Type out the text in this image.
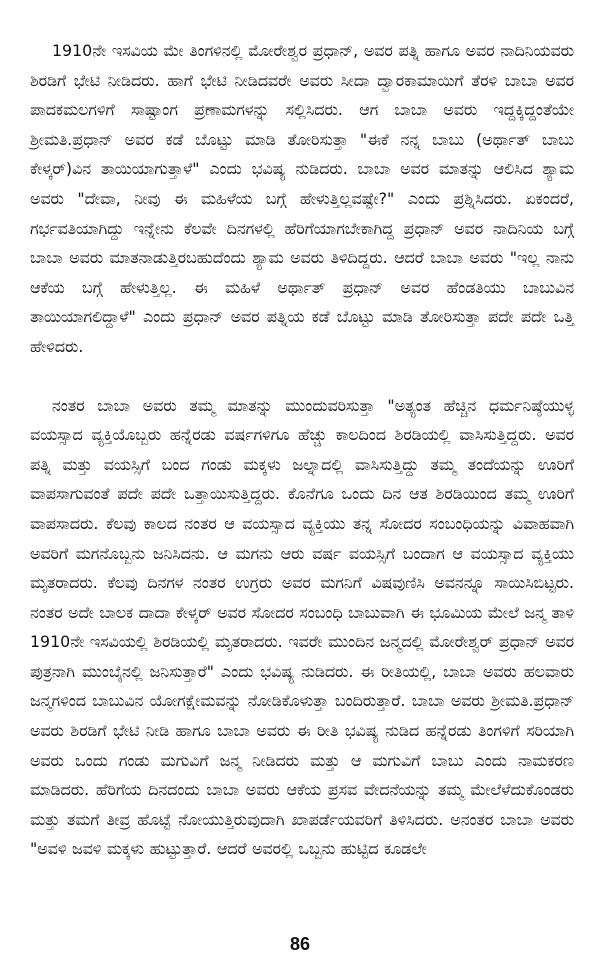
1910ನೇ ಇಸವಿಯ ಮೇ ತಿಂಗಳಿನಲ್ಲಿ ಮೋರೇಶ್ವರ ಪ್ರಧಾನ್, ಅವರ ಪತ್ನಿ ಹಾಗೂ ಅವರ ನಾದಿನಿಯವರು ಶಿರಡಿಗೆ ಭೇಟಿ ನೀಡಿದರು. ಹಾಗೆ ಭೇಟಿ ನೀಡಿದವರೇ ಅವರು ಸೀದಾ ದ್ವಾರಕಾಮಾಯಿಗೆ ತೆರಳಿ ಬಾಬಾ ಅವರ ಪಾದಕಮಲಗಳಿಗೆ ಸಾಷ್ಟಾಂಗ ಪ್ರಣಾಮಗಳನ್ನು ಸಲ್ಲಿಸಿದರು. ಆಗ ಬಾಬಾ ಅವರು ಇದ್ದಕ್ಕಿದ್ದಂತೆಯೇ ಶ್ರೀಮತಿ.ಪ್ರಧಾನ್ ಅವರ ಕಡೆ ಬೊಟ್ಟು ಮಾಡಿ ತೋರಿಸುತ್ತಾ "ಈಕೆ ನನ್ನ ಬಾಬು (ಅರ್ಥಾತ್ ಬಾಬು ಕೇಳ್ಕರ್)ವಿನ ತಾಯಿಯಾಗುತ್ತಾಳೆ" ಎಂದು ಭವಿಷ್ಯ ನುಡಿದರು. ಬಾಬಾ ಅವರ ಮಾತನ್ನು ಆಲಿಸಿದ ಶ್ಯಾಮ ಅವರು "ದೇವಾ, ನೀವು ಈ ಮಹಿಳೆಯ ಬಗ್ಗೆ ಹೇಳುತ್ತಿಲ್ಲವಷ್ಟೇ?" ಎಂದು ಪ್ರಶ್ನಿಸಿದರು. ಏಕಂದರೆ, ಗರ್ಭವತಿಯಾಗಿದ್ದು ಇನ್ನೇನು ಕೆಲವೇ ದಿನಗಳಲ್ಲಿ ಹೆರಿಗೆಯಾಗಬೇಕಾಗಿದ್ದ ಪ್ರಧಾನ್ ಅವರ ನಾದಿನಿಯ ಬಗ್ಗೆ ಬಾಬಾ ಅವರು ಮಾತನಾಡುತ್ತಿರಬಹುದೆಂದು ಶ್ಯಾಮ ಅವರು ತಿಳಿದಿದ್ದರು. ಆದರೆ ಬಾಬಾ ಅವರು "ಇಲ್ಲ ನಾನು ಆಕೆಯ ಬಗ್ಗೆ ಹೇಳುತ್ತಿಲ್ಲ. ಈ ಮಹಿಳೆ ಅರ್ಥಾತ್ ಪ್ರಧಾನ್ ಅವರ ಹೆಂಡತಿಯು ಬಾಬುವಿನ ತಾಯಿಯಾಗಲಿದ್ದಾಳೆ" ಎಂದು ಪ್ರಧಾನ್ ಅವರ ಪತ್ನಿಯ ಕಡೆ ಬೊಟ್ಟು ಮಾಡಿ ತೋರಿಸುತ್ತಾ ಪದೇ ಪದೇ ಒತ್ತಿ ಹೇಳಿದರು.

ನಂತರ ಬಾಬಾ ಅವರು ತಮ್ಮ ಮಾತನ್ನು ಮುಂದುವರಿಸುತ್ತಾ "ಅತ್ಯಂತ ಹೆಚ್ಚಿನ ಧರ್ಮನಿಷ್ಠೆಯುಳ್ಳ ವಯಸ್ಸಾದ ವ್ಯಕ್ತಿಯೊಬ್ಬರು ಹನ್ನೆರಡು ವರ್ಷಗಳಿಗೂ ಹೆಚ್ಚು ಕಾಲದಿಂದ ಶಿರಡಿಯಲ್ಲಿ ವಾಸಿಸುತ್ತಿದ್ದರು. ಅವರ ಪತ್ನಿ ಮತ್ತು ವಯಸ್ಸಿಗೆ ಬಂದ ಗಂಡು ಮಕ್ಕಳು ಜಲ್ನಾದಲ್ಲಿ ವಾಸಿಸುತ್ತಿದ್ದು ತಮ್ಮ ತಂದೆಯನ್ನು ಊರಿಗೆ ವಾಪಸಾಗುವಂತೆ ಪದೇ ಪದೇ ಒತ್ತಾಯಿಸುತ್ತಿದ್ದರು. ಕೊನೆಗೂ ಒಂದು ದಿನ ಆತ ಶಿರಡಿಯಿಂದ ತಮ್ಮ ಊರಿಗೆ ವಾಪಸಾದರು. ಕೆಲವು ಕಾಲದ ನಂತರ ಆ ವಯಸ್ಸಾದ ವ್ಯಕ್ತಿಯು ತನ್ನ ಸೋದರ ಸಂಬಂಧಿಯನ್ನು ವಿವಾಹವಾಗಿ ಅವರಿಗೆ ಮಗನೊಬ್ಬನು ಜನಿಸಿದನು. ಆ ಮಗನು ಆರು ವರ್ಷ ವಯಸ್ಸಿಗೆ ಬಂದಾಗ ಆ ವಯಸ್ಸಾದ ವ್ಯಕ್ತಿಯು ಮೃತರಾದರು. ಕೆಲವು ದಿನಗಳ ನಂತರ ಉಗ್ರರು ಅವರ ಮಗನಿಗೆ ವಿಷವುಣಿಸಿ ಅವನನ್ನೂ ಸಾಯಿಸಿಬಿಟ್ಟರು. ನಂತರ ಅದೇ ಬಾಲಕ ದಾದಾ ಕೇಳ್ಕರ್ ಅವರ ಸೋದರ ಸಂಬಂಧಿ ಬಾಬುವಾಗಿ ಈ ಭೂಮಿಯ ಮೇಲೆ ಜನ್ಮ ತಾಳಿ 1910ನೇ ಇಸವಿಯಲ್ಲಿ ಶಿರಡಿಯಲ್ಲಿ ಮೃತರಾದರು. ಇವರೇ ಮುಂದಿನ ಜನ್ಮದಲ್ಲಿ ಮೋರೇಶ್ವರ್ ಪ್ರಧಾನ್ ಅವರ ಪುತ್ರನಾಗಿ ಮುಂಬೈನಲ್ಲಿ ಜನಿಸುತ್ತಾರೆ" ಎಂದು ಭವಿಷ್ಯ ನುಡಿದರು. ಈ ರೀತಿಯಲ್ಲಿ, ಬಾಬಾ ಅವರು ಹಲವಾರು ಜನ್ಮಗಳಿಂದ ಬಾಬುವಿನ ಯೋಗಕ್ಷೇಮವನ್ನು ನೋಡಿಕೊಳುತ್ತಾ ಬಂದಿರುತ್ತಾರೆ. ಬಾಬಾ ಅವರು ಶ್ರೀಮತಿ.ಪ್ರಧಾನ್ ಅವರು ಶಿರಡಿಗೆ ಭೇಟಿ ನೀಡಿ ಹಾಗೂ ಬಾಬಾ ಅವರು ಈ ರೀತಿ ಭವಿಷ್ಯ ನುಡಿದ ಹನ್ನೆರಡು ತಿಂಗಳಿಗೆ ಸರಿಯಾಗಿ ಅವರು ಒಂದು ಗಂಡು ಮಗುವಿಗೆ ಜನ್ಮ ನೀಡಿದರು ಮತ್ತು ಆ ಮಗುವಿಗೆ ಬಾಬು ಎಂದು ನಾಮಕರಣ ಮಾಡಿದರು. ಹೆರಿಗೆಯ ದಿನದಂದು ಬಾಬಾ ಅವರು ಆಕೆಯ ಪ್ರಸವ ವೇದನೆಯನ್ನು ತಮ್ಮ ಮೇಲೆಳೆದುಕೊಂಡರು ಮತ್ತು ತಮಗೆ ತೀವ್ರ ಹೊಟ್ಟೆ ನೋಯುತ್ತಿರುವುದಾಗಿ ಖಾಪರ್ಡೆಯವರಿಗೆ ತಿಳಿಸಿದರು. ಅನಂತರ ಬಾಬಾ ಅವರು "ಅವಳಿ ಜವಳಿ ಮಕ್ಕಳು ಹುಟ್ಟುತ್ತಾರೆ. ಆದರೆ ಅವರಲ್ಲಿ ಒಬ್ಬನು ಹುಟ್ಟಿದ ಕೂಡಲೇ

86
